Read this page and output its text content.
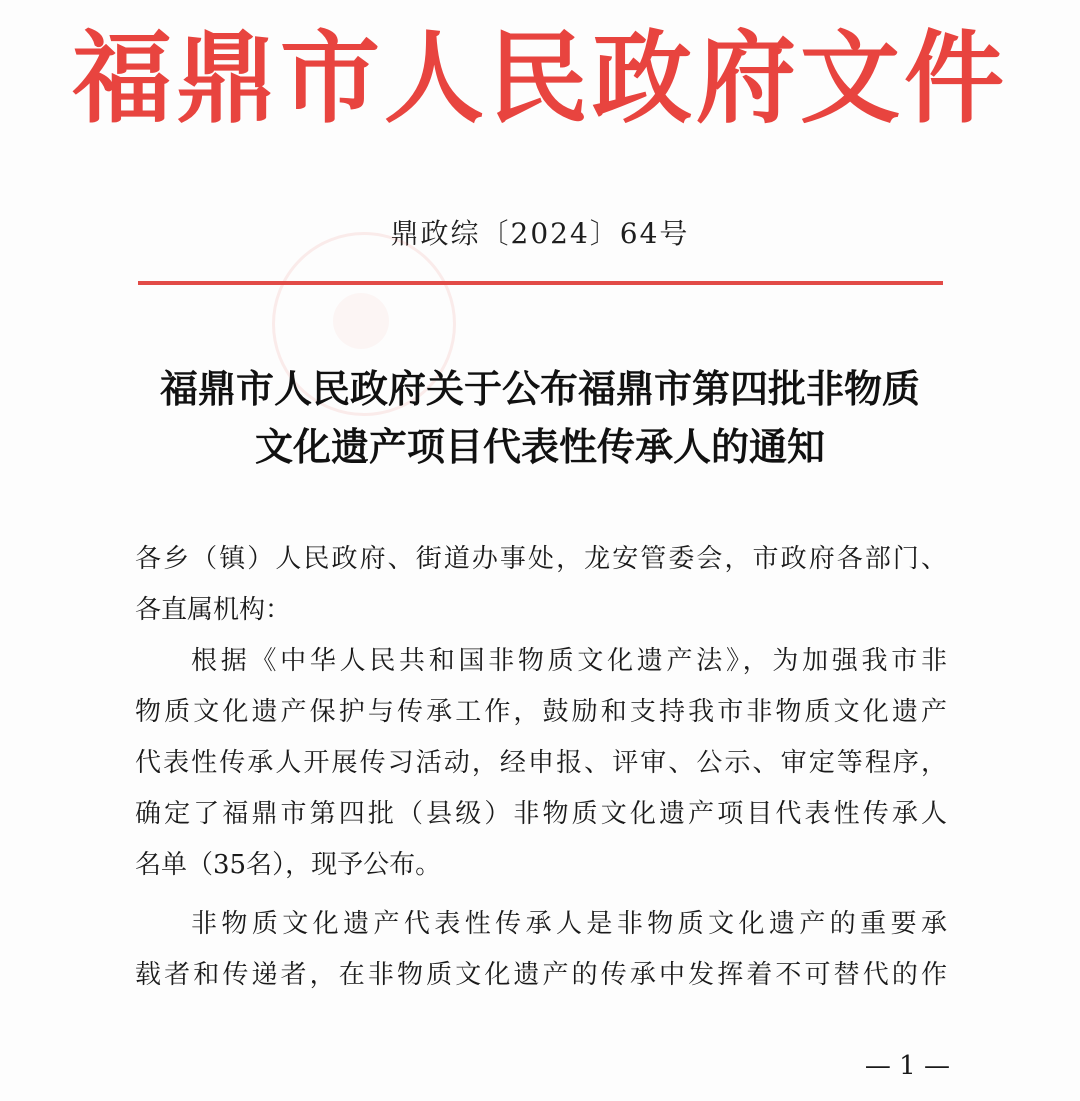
福鼎市人民政府文件
鼎政综〔2024〕64号
福鼎市人民政府关于公布福鼎市第四批非物质
文化遗产项目代表性传承人的通知
各乡（镇）人民政府、街道办事处，龙安管委会，市政府各部门、
各直属机构：
根据《中华人民共和国非物质文化遗产法》，为加强我市非
物质文化遗产保护与传承工作，鼓励和支持我市非物质文化遗产
代表性传承人开展传习活动，经申报、评审、公示、审定等程序，
确定了福鼎市第四批（县级）非物质文化遗产项目代表性传承人
名单（35名），现予公布。
非物质文化遗产代表性传承人是非物质文化遗产的重要承
载者和传递者，在非物质文化遗产的传承中发挥着不可替代的作
— 1 —
